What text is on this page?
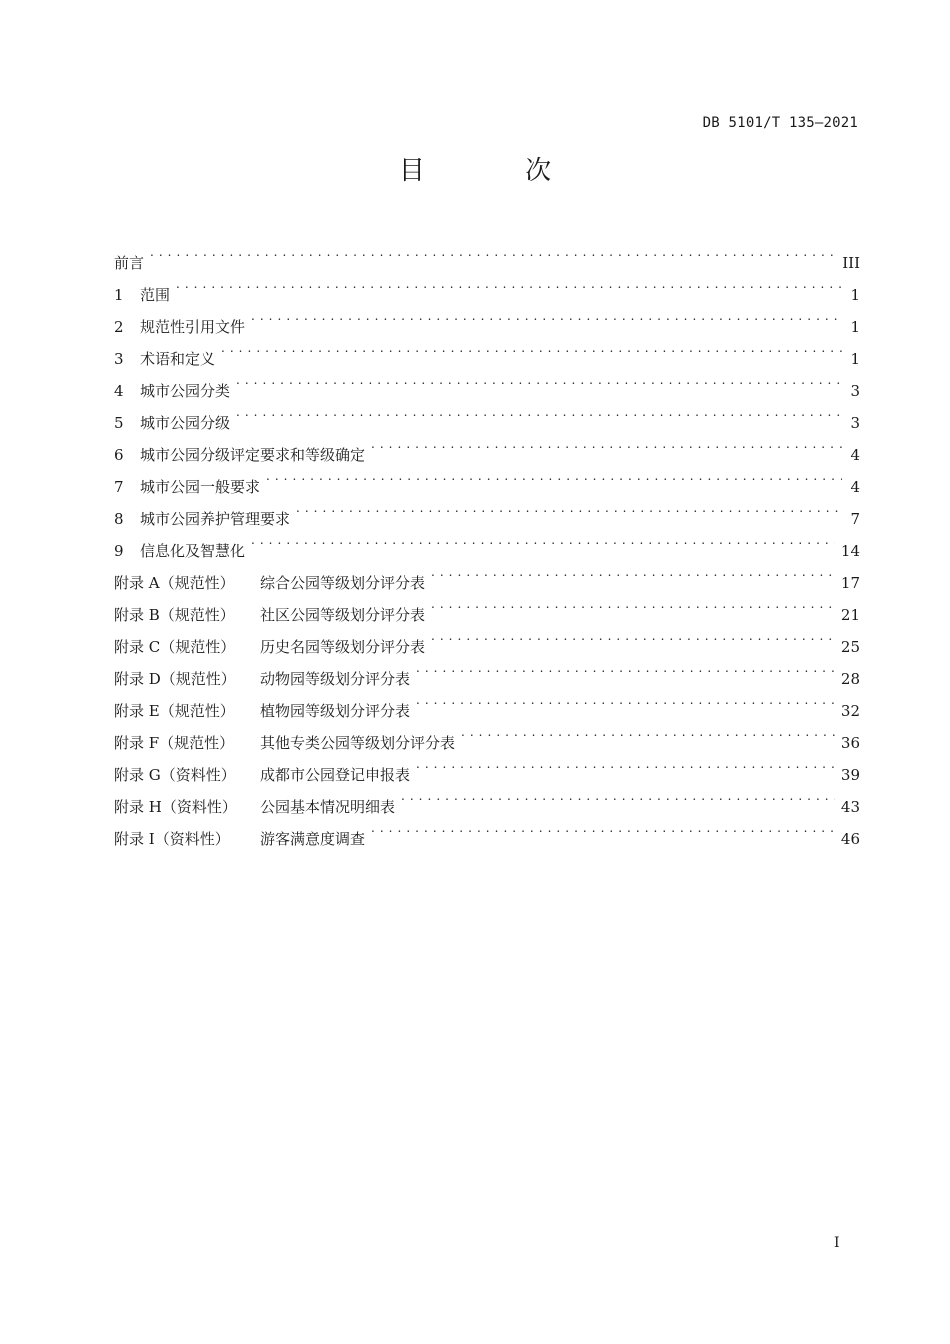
DB 5101/T 135—2021
目 次
前言 . . .	III
1	范围 . . .	1
2	规范性引用文件 . . .	1
3	术语和定义 . . .	1
4	城市公园分类 . . .	3
5	城市公园分级 . . .	3
6	城市公园分级评定要求和等级确定 . . .	4
7	城市公园一般要求 . . .	4
8	城市公园养护管理要求 . . .	7
9	信息化及智慧化 . . .	14
附录 A（规范性）	综合公园等级划分评分表 . . .	17
附录 B（规范性）	社区公园等级划分评分表 . . .	21
附录 C（规范性）	历史名园等级划分评分表 . . .	25
附录 D（规范性）	动物园等级划分评分表 . . .	28
附录 E（规范性）	植物园等级划分评分表 . . .	32
附录 F（规范性）	其他专类公园等级划分评分表 . . .	36
附录 G（资料性）	成都市公园登记申报表 . . .	39
附录 H（资料性）	公园基本情况明细表 . . .	43
附录 I（资料性）	游客满意度调查 . . .	46
I
